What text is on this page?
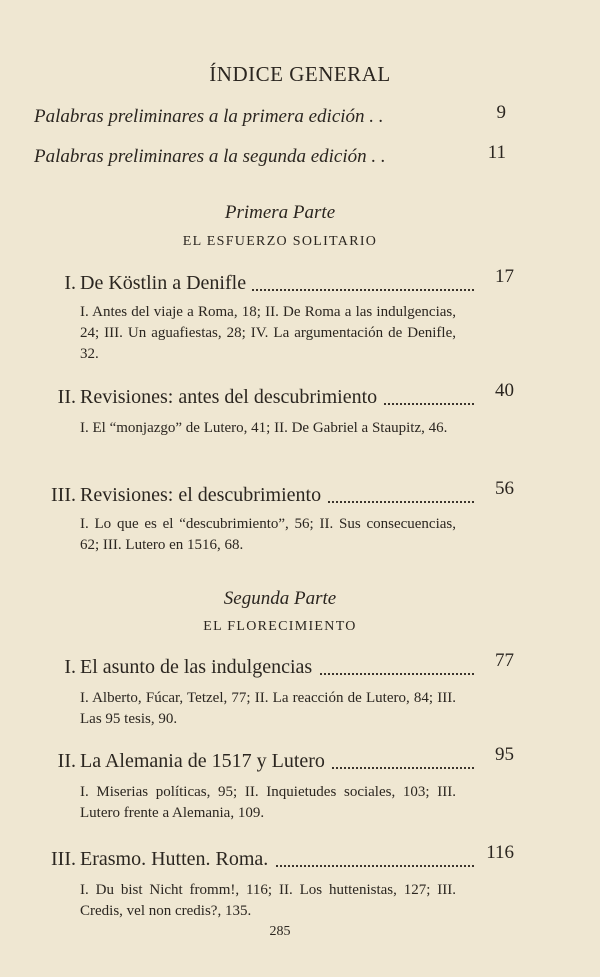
ÍNDICE GENERAL
Palabras preliminares a la primera edición . .	9
Palabras preliminares a la segunda edición . .	11
Primera Parte
EL ESFUERZO SOLITARIO
I. De Köstlin a Denifle	17
I. Antes del viaje a Roma, 18; II. De Roma a las indulgencias, 24; III. Un aguafiestas, 28; IV. La argumentación de Denifle, 32.
II. Revisiones: antes del descubrimiento	40
I. El “monjazgo” de Lutero, 41; II. De Gabriel a Staupitz, 46.
III. Revisiones: el descubrimiento	56
I. Lo que es el “descubrimiento”, 56; II. Sus consecuencias, 62; III. Lutero en 1516, 68.
Segunda Parte
EL FLORECIMIENTO
I. El asunto de las indulgencias	77
I. Alberto, Fúcar, Tetzel, 77; II. La reacción de Lutero, 84; III. Las 95 tesis, 90.
II. La Alemania de 1517 y Lutero	95
I. Miserias políticas, 95; II. Inquietudes sociales, 103; III. Lutero frente a Alemania, 109.
III. Erasmo. Hutten. Roma.	116
I. Du bist Nicht fromm!, 116; II. Los huttenistas, 127; III. Credis, vel non credis?, 135.
285
